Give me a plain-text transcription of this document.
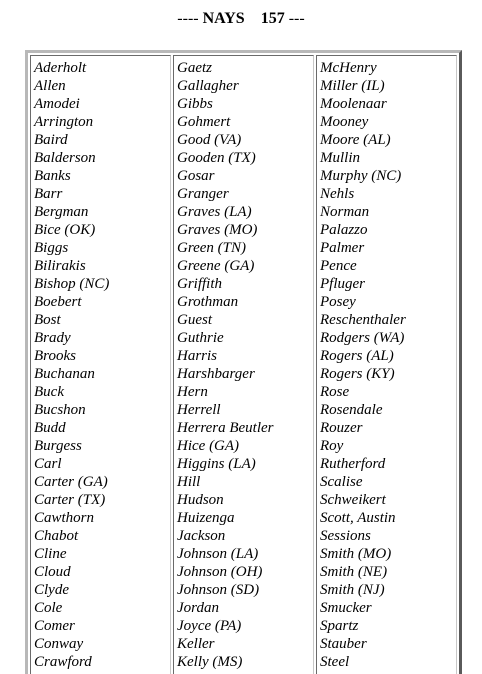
---- NAYS 157 ---
Aderholt
Allen
Amodei
Arrington
Baird
Balderson
Banks
Barr
Bergman
Bice (OK)
Biggs
Bilirakis
Bishop (NC)
Boebert
Bost
Brady
Brooks
Buchanan
Buck
Bucshon
Budd
Burgess
Carl
Carter (GA)
Carter (TX)
Cawthorn
Chabot
Cline
Cloud
Clyde
Cole
Comer
Conway
Crawford
Gaetz
Gallagher
Gibbs
Gohmert
Good (VA)
Gooden (TX)
Gosar
Granger
Graves (LA)
Graves (MO)
Green (TN)
Greene (GA)
Griffith
Grothman
Guest
Guthrie
Harris
Harshbarger
Hern
Herrell
Herrera Beutler
Hice (GA)
Higgins (LA)
Hill
Hudson
Huizenga
Jackson
Johnson (LA)
Johnson (OH)
Johnson (SD)
Jordan
Joyce (PA)
Keller
Kelly (MS)
McHenry
Miller (IL)
Moolenaar
Mooney
Moore (AL)
Mullin
Murphy (NC)
Nehls
Norman
Palazzo
Palmer
Pence
Pfluger
Posey
Reschenthaler
Rodgers (WA)
Rogers (AL)
Rogers (KY)
Rose
Rosendale
Rouzer
Roy
Rutherford
Scalise
Schweikert
Scott, Austin
Sessions
Smith (MO)
Smith (NE)
Smith (NJ)
Smucker
Spartz
Stauber
Steel
